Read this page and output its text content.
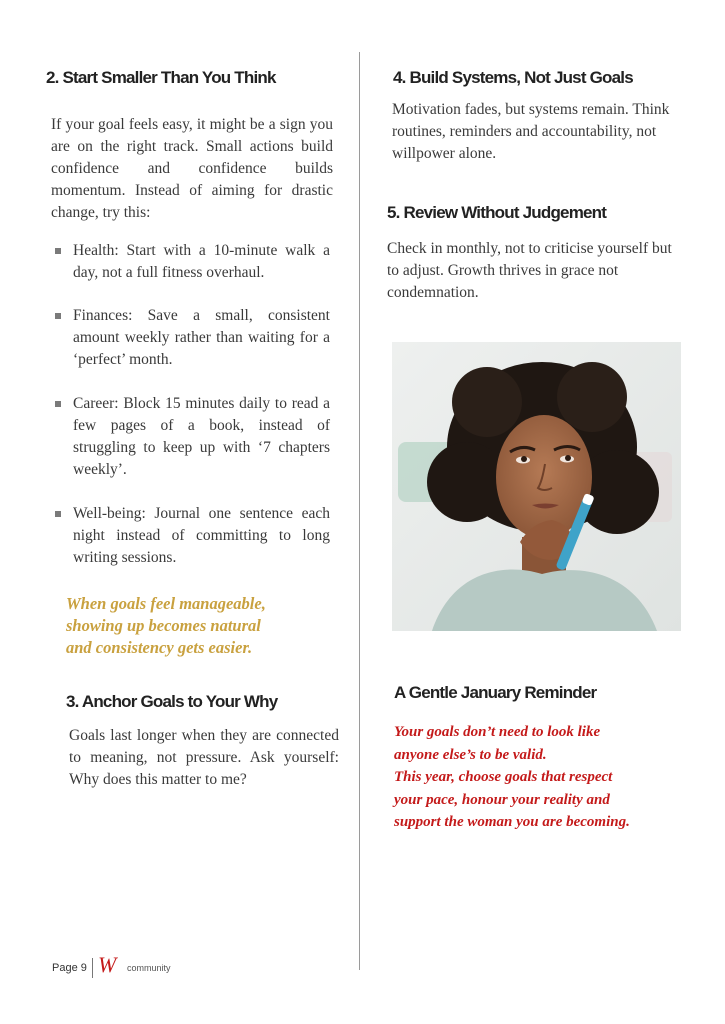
2. Start Smaller Than You Think
If your goal feels easy, it might be a sign you are on the right track. Small actions build confidence and confidence builds momentum. Instead of aiming for drastic change, try this:
Health: Start with a 10-minute walk a day, not a full fitness overhaul.
Finances: Save a small, consistent amount weekly rather than waiting for a ‘perfect’ month.
Career: Block 15 minutes daily to read a few pages of a book, instead of struggling to keep up with ‘7 chapters weekly’.
Well-being: Journal one sentence each night instead of committing to long writing sessions.
When goals feel manageable,
showing up becomes natural
and consistency gets easier.
3. Anchor Goals to Your Why
Goals last longer when they are connected to meaning, not pressure. Ask yourself: Why does this matter to me?
4. Build Systems, Not Just Goals
Motivation fades, but systems remain. Think routines, reminders and accountability, not willpower alone.
5. Review Without Judgement
Check in monthly, not to criticise yourself but to adjust. Growth thrives in grace not condemnation.
A Gentle January Reminder
Your goals don’t need to look like
anyone else’s to be valid.
This year, choose goals that respect
your pace, honour your reality and
support the woman you are becoming.
Page 9 W community
